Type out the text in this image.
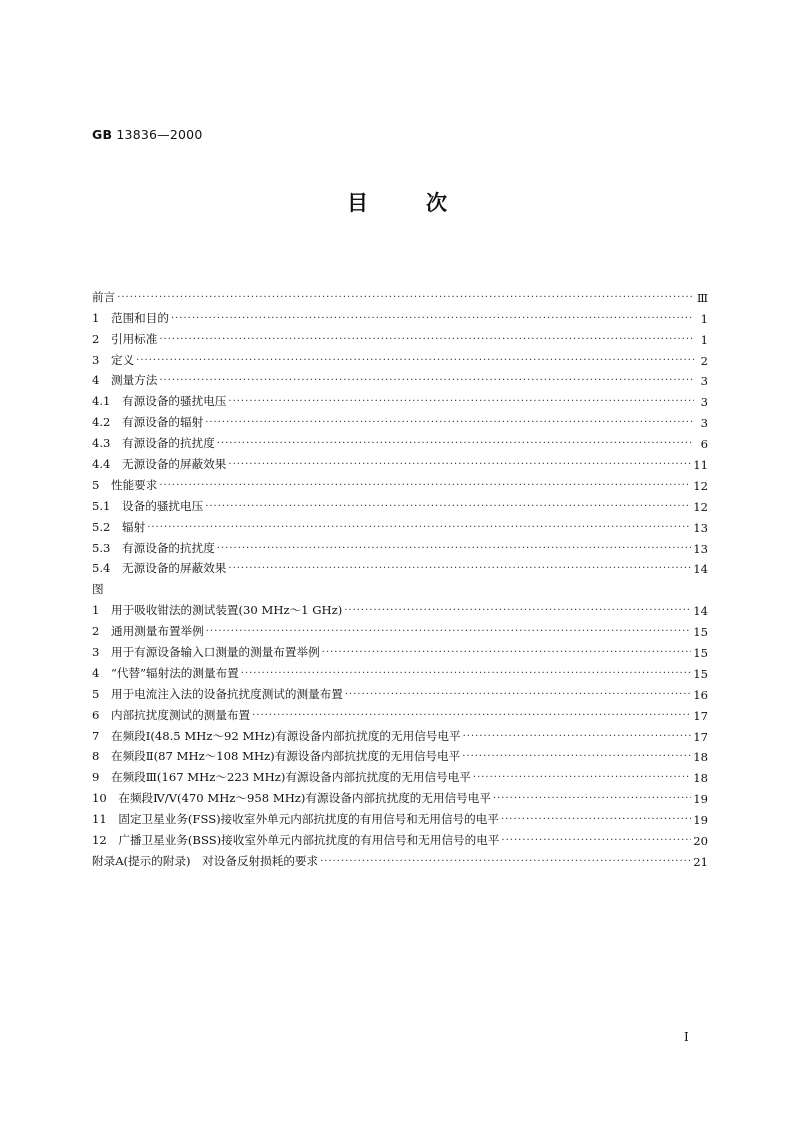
GB 13836—2000
目次
前言 ·····	Ⅲ
1　范围和目的 ·····	1
2　引用标准 ·····	1
3　定义 ·····	2
4　测量方法 ·····	3
4.1　有源设备的骚扰电压 ·····	3
4.2　有源设备的辐射 ·····	3
4.3　有源设备的抗扰度 ·····	6
4.4　无源设备的屏蔽效果 ·····	11
5　性能要求 ·····	12
5.1　设备的骚扰电压 ·····	12
5.2　辐射 ·····	13
5.3　有源设备的抗扰度 ·····	13
5.4　无源设备的屏蔽效果 ·····	14
图
1　用于吸收钳法的测试装置(30 MHz～1 GHz) ·····	14
2　通用测量布置举例 ·····	15
3　用于有源设备输入口测量的测量布置举例 ·····	15
4　“代替”辐射法的测量布置 ·····	15
5　用于电流注入法的设备抗扰度测试的测量布置 ·····	16
6　内部抗扰度测试的测量布置 ·····	17
7　在频段Ⅰ(48.5 MHz～92 MHz)有源设备内部抗扰度的无用信号电平 ·····	17
8　在频段Ⅱ(87 MHz～108 MHz)有源设备内部抗扰度的无用信号电平 ·····	18
9　在频段Ⅲ(167 MHz～223 MHz)有源设备内部抗扰度的无用信号电平 ·····	18
10　在频段Ⅳ/Ⅴ(470 MHz～958 MHz)有源设备内部抗扰度的无用信号电平 ·····	19
11　固定卫星业务(FSS)接收室外单元内部抗扰度的有用信号和无用信号的电平 ·····	19
12　广播卫星业务(BSS)接收室外单元内部抗扰度的有用信号和无用信号的电平 ·····	20
附录A(提示的附录)　对设备反射损耗的要求 ·····	21
Ⅰ
